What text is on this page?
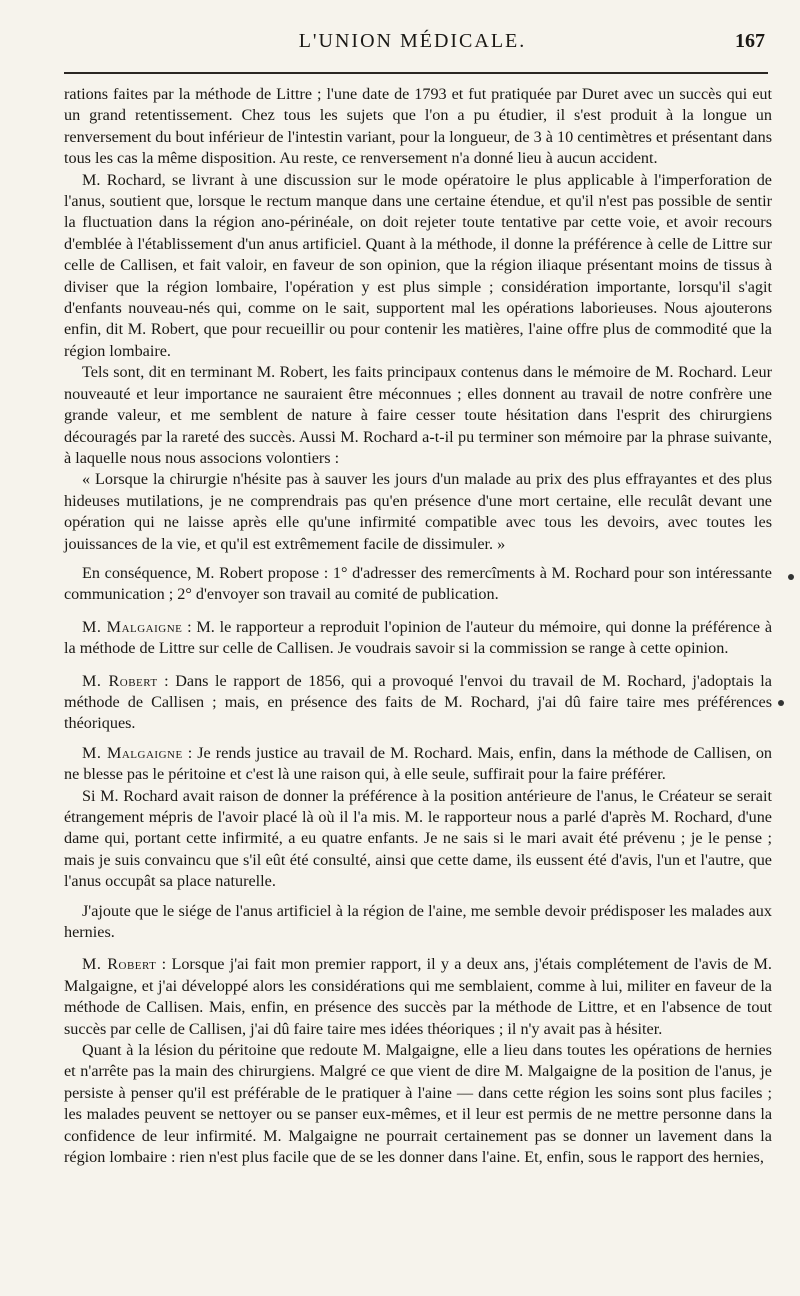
L'UNION MÉDICALE.	167

rations faites par la méthode de Littre ; l'une date de 1793 et fut pratiquée par Duret avec un succès qui eut un grand retentissement. Chez tous les sujets que l'on a pu étudier, il s'est produit à la longue un renversement du bout inférieur de l'intestin variant, pour la longueur, de 3 à 10 centimètres et présentant dans tous les cas la même disposition. Au reste, ce renversement n'a donné lieu à aucun accident.

M. Rochard, se livrant à une discussion sur le mode opératoire le plus applicable à l'imperforation de l'anus, soutient que, lorsque le rectum manque dans une certaine étendue, et qu'il n'est pas possible de sentir la fluctuation dans la région ano-périnéale, on doit rejeter toute tentative par cette voie, et avoir recours d'emblée à l'établissement d'un anus artificiel. Quant à la méthode, il donne la préférence à celle de Littre sur celle de Callisen, et fait valoir, en faveur de son opinion, que la région iliaque présentant moins de tissus à diviser que la région lombaire, l'opération y est plus simple ; considération importante, lorsqu'il s'agit d'enfants nouveau-nés qui, comme on le sait, supportent mal les opérations laborieuses. Nous ajouterons enfin, dit M. Robert, que pour recueillir ou pour contenir les matières, l'aine offre plus de commodité que la région lombaire.

Tels sont, dit en terminant M. Robert, les faits principaux contenus dans le mémoire de M. Rochard. Leur nouveauté et leur importance ne sauraient être méconnues ; elles donnent au travail de notre confrère une grande valeur, et me semblent de nature à faire cesser toute hésitation dans l'esprit des chirurgiens découragés par la rareté des succès. Aussi M. Rochard a-t-il pu terminer son mémoire par la phrase suivante, à laquelle nous nous associons volontiers :

« Lorsque la chirurgie n'hésite pas à sauver les jours d'un malade au prix des plus effrayantes et des plus hideuses mutilations, je ne comprendrais pas qu'en présence d'une mort certaine, elle reculât devant une opération qui ne laisse après elle qu'une infirmité compatible avec tous les devoirs, avec toutes les jouissances de la vie, et qu'il est extrêmement facile de dissimuler. »

En conséquence, M. Robert propose : 1° d'adresser des remercîments à M. Rochard pour son intéressante communication ; 2° d'envoyer son travail au comité de publication.

M. Malgaigne : M. le rapporteur a reproduit l'opinion de l'auteur du mémoire, qui donne la préférence à la méthode de Littre sur celle de Callisen. Je voudrais savoir si la commission se range à cette opinion.

M. Robert : Dans le rapport de 1856, qui a provoqué l'envoi du travail de M. Rochard, j'adoptais la méthode de Callisen ; mais, en présence des faits de M. Rochard, j'ai dû faire taire mes préférences théoriques.

M. Malgaigne : Je rends justice au travail de M. Rochard. Mais, enfin, dans la méthode de Callisen, on ne blesse pas le péritoine et c'est là une raison qui, à elle seule, suffirait pour la faire préférer.

Si M. Rochard avait raison de donner la préférence à la position antérieure de l'anus, le Créateur se serait étrangement mépris de l'avoir placé là où il l'a mis. M. le rapporteur nous a parlé d'après M. Rochard, d'une dame qui, portant cette infirmité, a eu quatre enfants. Je ne sais si le mari avait été prévenu ; je le pense ; mais je suis convaincu que s'il eût été consulté, ainsi que cette dame, ils eussent été d'avis, l'un et l'autre, que l'anus occupât sa place naturelle.

J'ajoute que le siége de l'anus artificiel à la région de l'aine, me semble devoir prédisposer les malades aux hernies.

M. Robert : Lorsque j'ai fait mon premier rapport, il y a deux ans, j'étais complétement de l'avis de M. Malgaigne, et j'ai développé alors les considérations qui me semblaient, comme à lui, militer en faveur de la méthode de Callisen. Mais, enfin, en présence des succès par la méthode de Littre, et en l'absence de tout succès par celle de Callisen, j'ai dû faire taire mes idées théoriques ; il n'y avait pas à hésiter.

Quant à la lésion du péritoine que redoute M. Malgaigne, elle a lieu dans toutes les opérations de hernies et n'arrête pas la main des chirurgiens. Malgré ce que vient de dire M. Malgaigne de la position de l'anus, je persiste à penser qu'il est préférable de le pratiquer à l'aine — dans cette région les soins sont plus faciles ; les malades peuvent se nettoyer ou se panser eux-mêmes, et il leur est permis de ne mettre personne dans la confidence de leur infirmité. M. Malgaigne ne pourrait certainement pas se donner un lavement dans la région lombaire : rien n'est plus facile que de se les donner dans l'aine. Et, enfin, sous le rapport des hernies,
